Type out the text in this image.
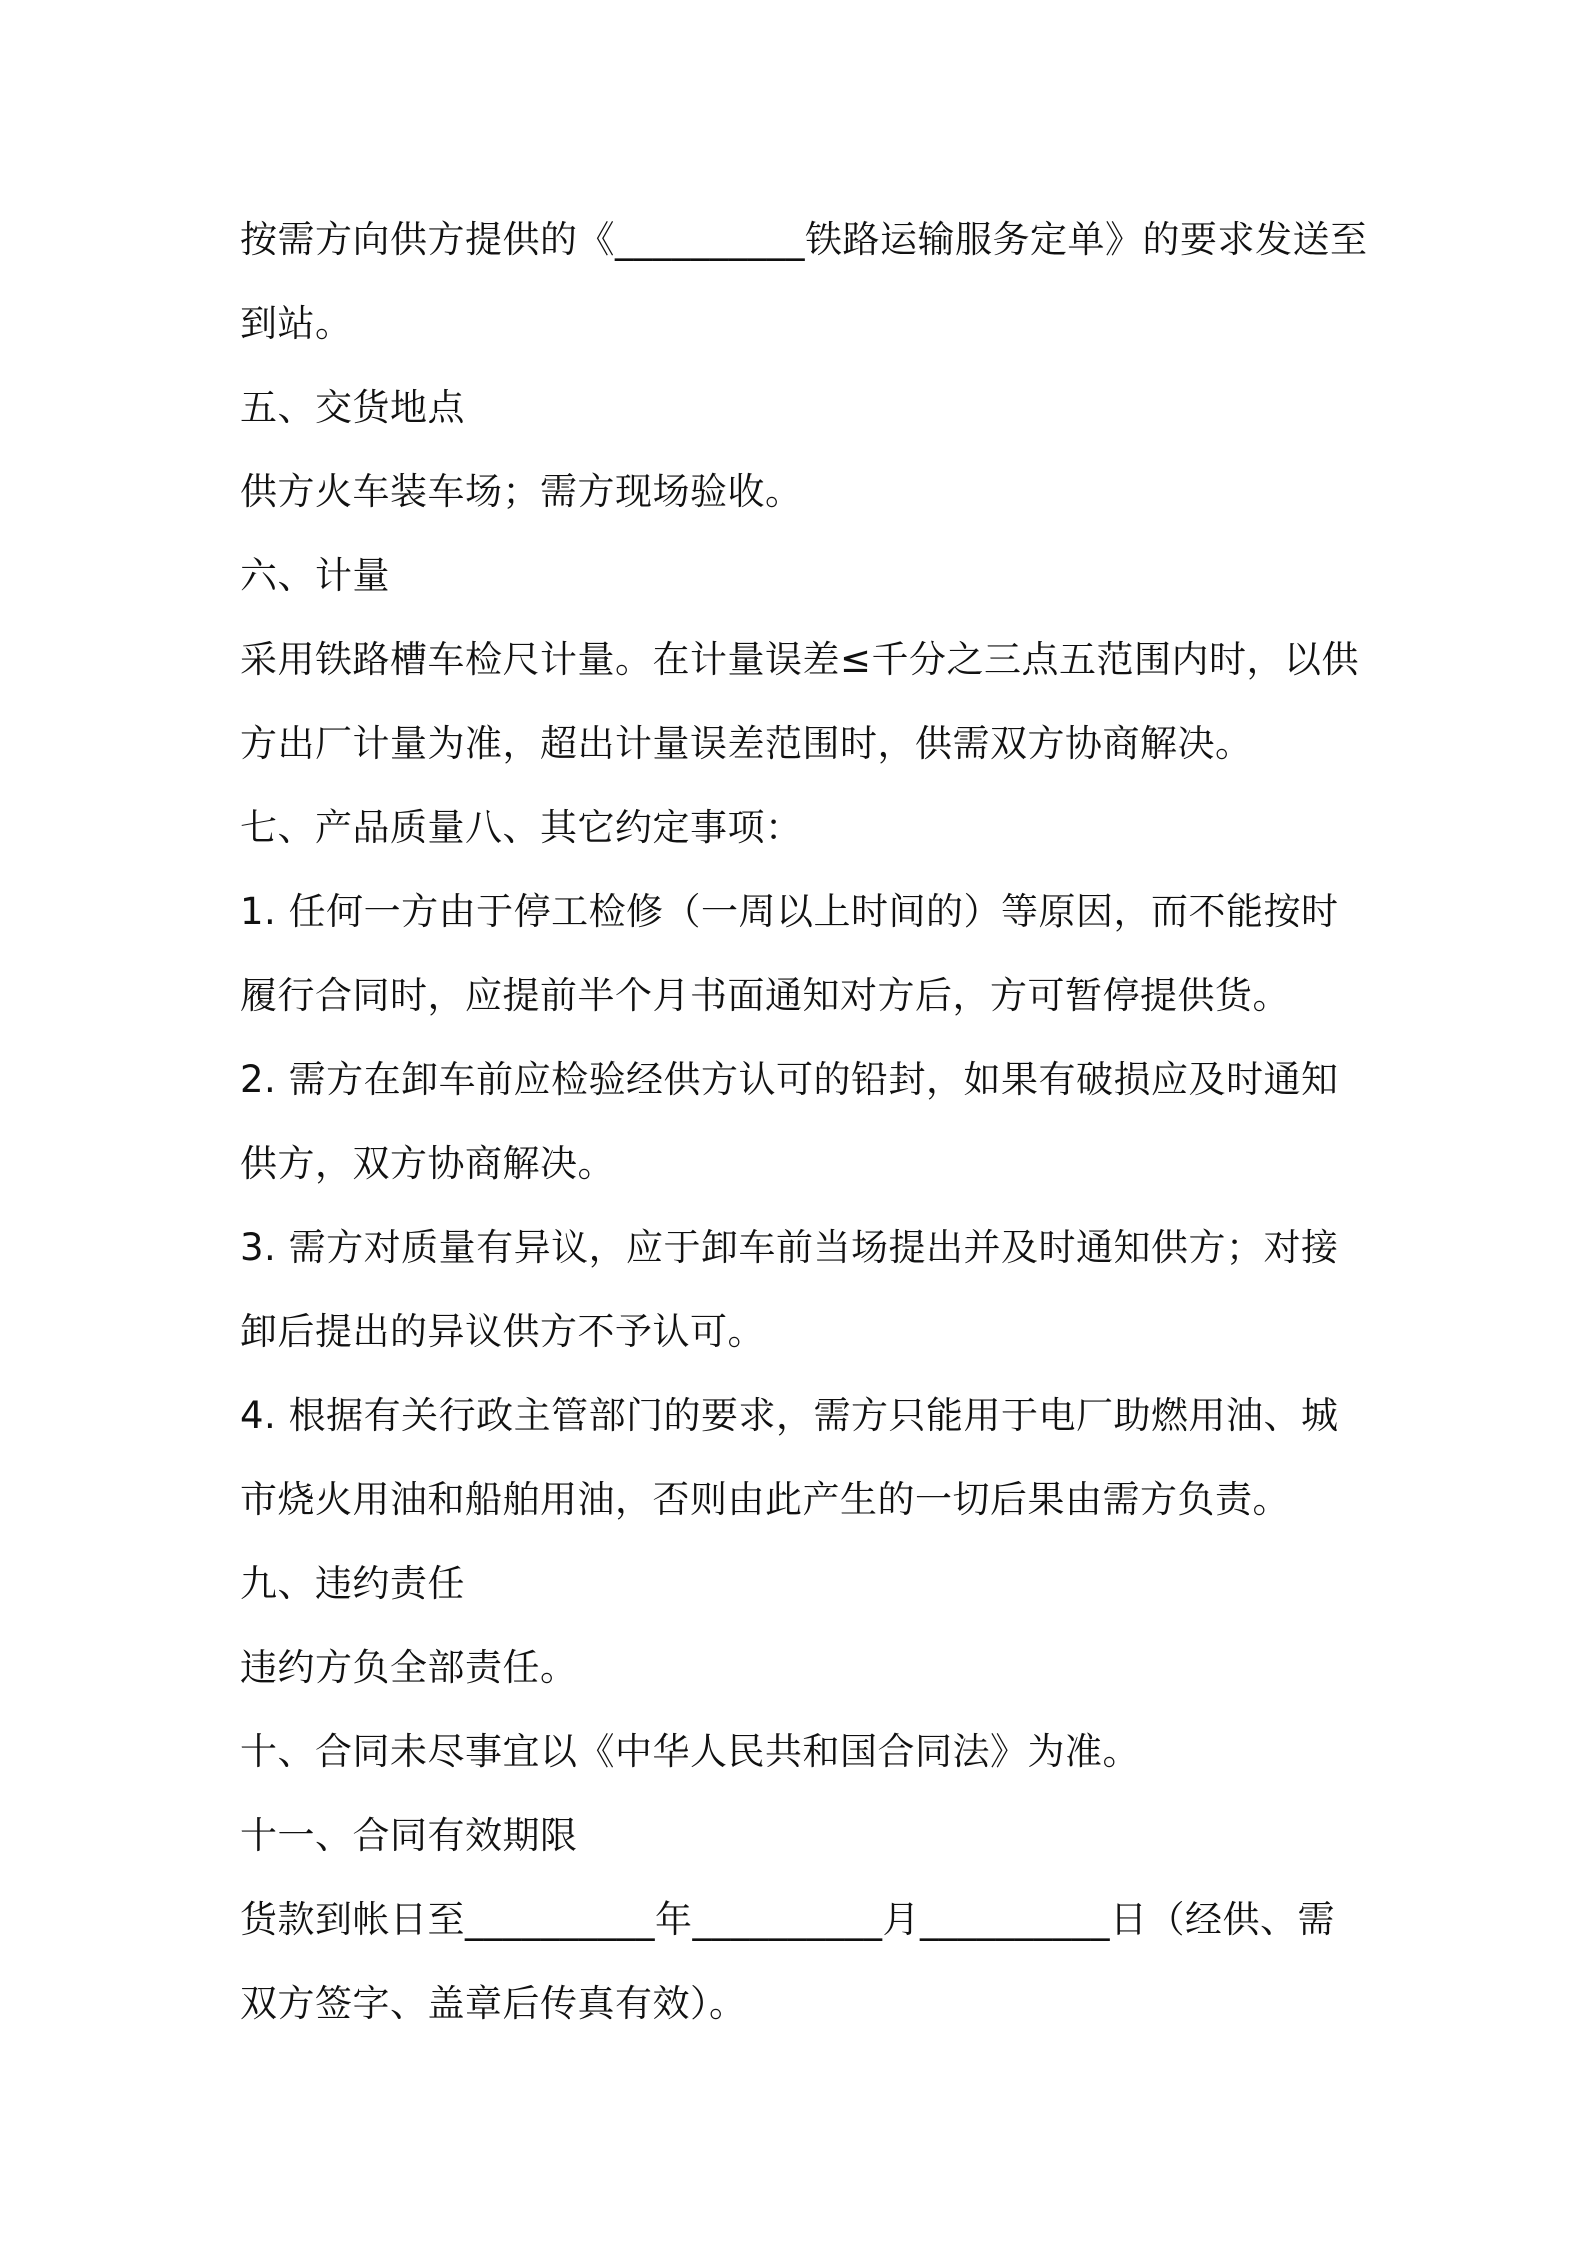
按需方向供方提供的《__________铁路运输服务定单》的要求发送至
到站。
五、交货地点
供方火车装车场；需方现场验收。
六、计量
采用铁路槽车检尺计量。在计量误差≤千分之三点五范围内时，以供
方出厂计量为准，超出计量误差范围时，供需双方协商解决。
七、产品质量八、其它约定事项：
1. 任何一方由于停工检修（一周以上时间的）等原因，而不能按时
履行合同时，应提前半个月书面通知对方后，方可暂停提供货。
2. 需方在卸车前应检验经供方认可的铅封，如果有破损应及时通知
供方，双方协商解决。
3. 需方对质量有异议，应于卸车前当场提出并及时通知供方；对接
卸后提出的异议供方不予认可。
4. 根据有关行政主管部门的要求，需方只能用于电厂助燃用油、城
市烧火用油和船舶用油，否则由此产生的一切后果由需方负责。
九、违约责任
违约方负全部责任。
十、合同未尽事宜以《中华人民共和国合同法》为准。
十一、合同有效期限
货款到帐日至__________年__________月__________日（经供、需
双方签字、盖章后传真有效）。
